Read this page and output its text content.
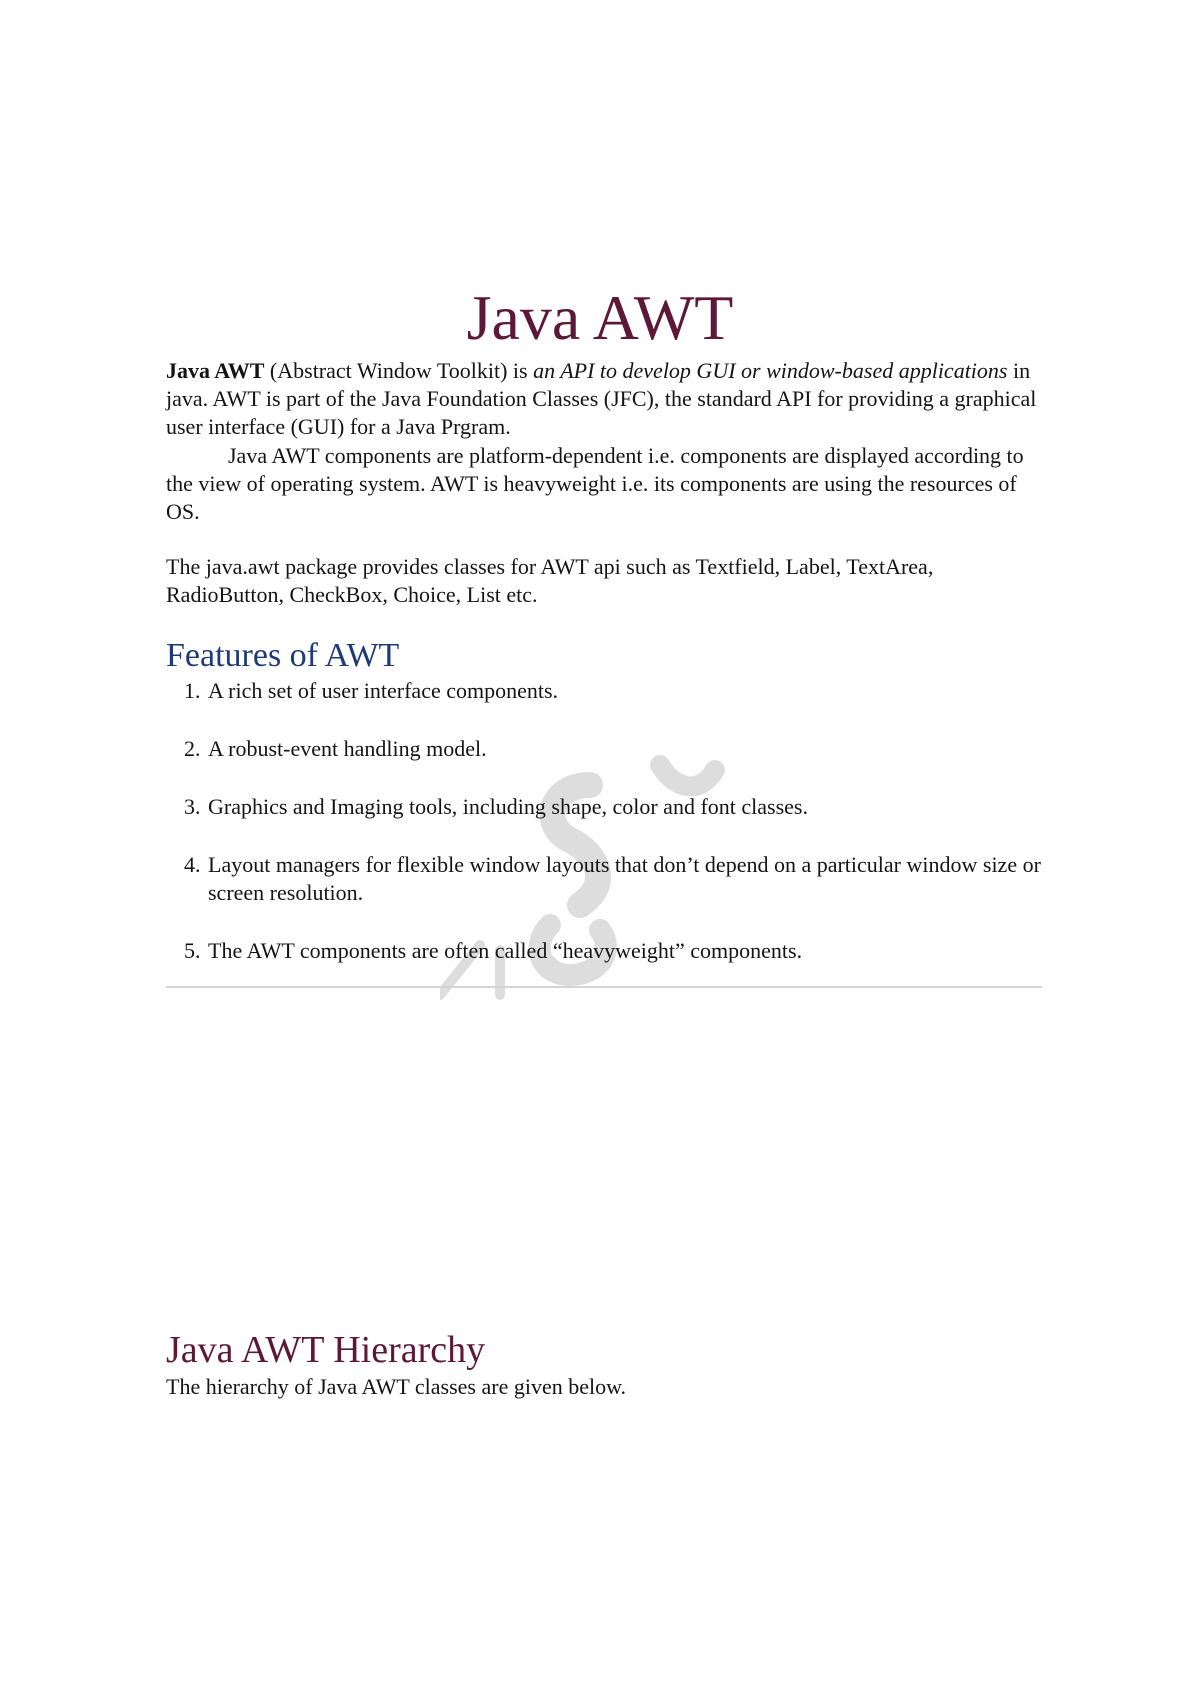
Java AWT

Java AWT (Abstract Window Toolkit) is an API to develop GUI or window-based applications in java. AWT is part of the Java Foundation Classes (JFC), the standard API for providing a graphical user interface (GUI) for a Java Prgram.

Java AWT components are platform-dependent i.e. components are displayed according to the view of operating system. AWT is heavyweight i.e. its components are using the resources of OS.

The java.awt package provides classes for AWT api such as Textfield, Label, TextArea, RadioButton, CheckBox, Choice, List etc.

Features of AWT
1. A rich set of user interface components.
2. A robust-event handling model.
3. Graphics and Imaging tools, including shape, color and font classes.
4. Layout managers for flexible window layouts that don’t depend on a particular window size or screen resolution.
5. The AWT components are often called “heavyweight” components.
Java AWT Hierarchy

The hierarchy of Java AWT classes are given below.
